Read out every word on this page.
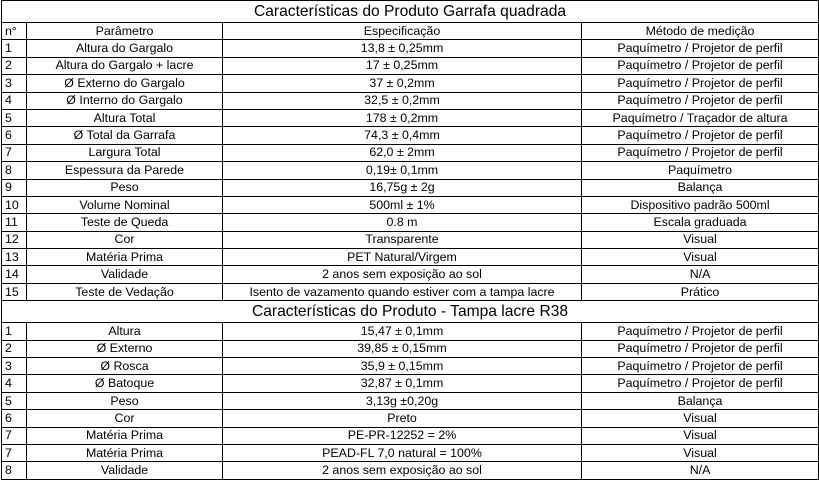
Características do Produto Garrafa quadrada			
n°	Parâmetro	Especificação	Método de medição
1	Altura do Gargalo	13,8 ± 0,25mm	Paquímetro / Projetor de perfil
2	Altura do Gargalo + lacre	17 ± 0,25mm	Paquímetro / Projetor de perfil
3	Ø Externo do Gargalo	37 ± 0,2mm	Paquímetro / Projetor de perfil
4	Ø Interno do Gargalo	32,5 ± 0,2mm	Paquímetro / Projetor de perfil
5	Altura Total	178 ± 0,2mm	Paquímetro / Traçador de altura
6	Ø Total da Garrafa	74,3 ± 0,4mm	Paquímetro / Projetor de perfil
7	Largura Total	62,0 ± 2mm	Paquímetro / Projetor de perfil
8	Espessura da Parede	0,19± 0,1mm	Paquímetro
9	Peso	16,75g ± 2g	Balança
10	Volume Nominal	500ml ± 1%	Dispositivo padrão 500ml
11	Teste de Queda	0.8 m	Escala graduada
12	Cor	Transparente	Visual
13	Matéria Prima	PET Natural/Virgem	Visual
14	Validade	2 anos sem exposição ao sol	N/A
15	Teste de Vedação	Isento de vazamento quando estiver com a tampa lacre	Prático
Características do Produto - Tampa lacre R38			
1	Altura	15,47 ± 0,1mm	Paquímetro / Projetor de perfil
2	Ø Externo	39,85 ± 0,15mm	Paquímetro / Projetor de perfil
3	Ø Rosca	35,9 ± 0,15mm	Paquímetro / Projetor de perfil
4	Ø Batoque	32,87 ± 0,1mm	Paquímetro / Projetor de perfil
5	Peso	3,13g ±0,20g	Balança
6	Cor	Preto	Visual
7	Matéria Prima	PE-PR-12252 = 2%	Visual
7	Matéria Prima	PEAD-FL 7,0 natural = 100%	Visual
8	Validade	2 anos sem exposição ao sol	N/A
